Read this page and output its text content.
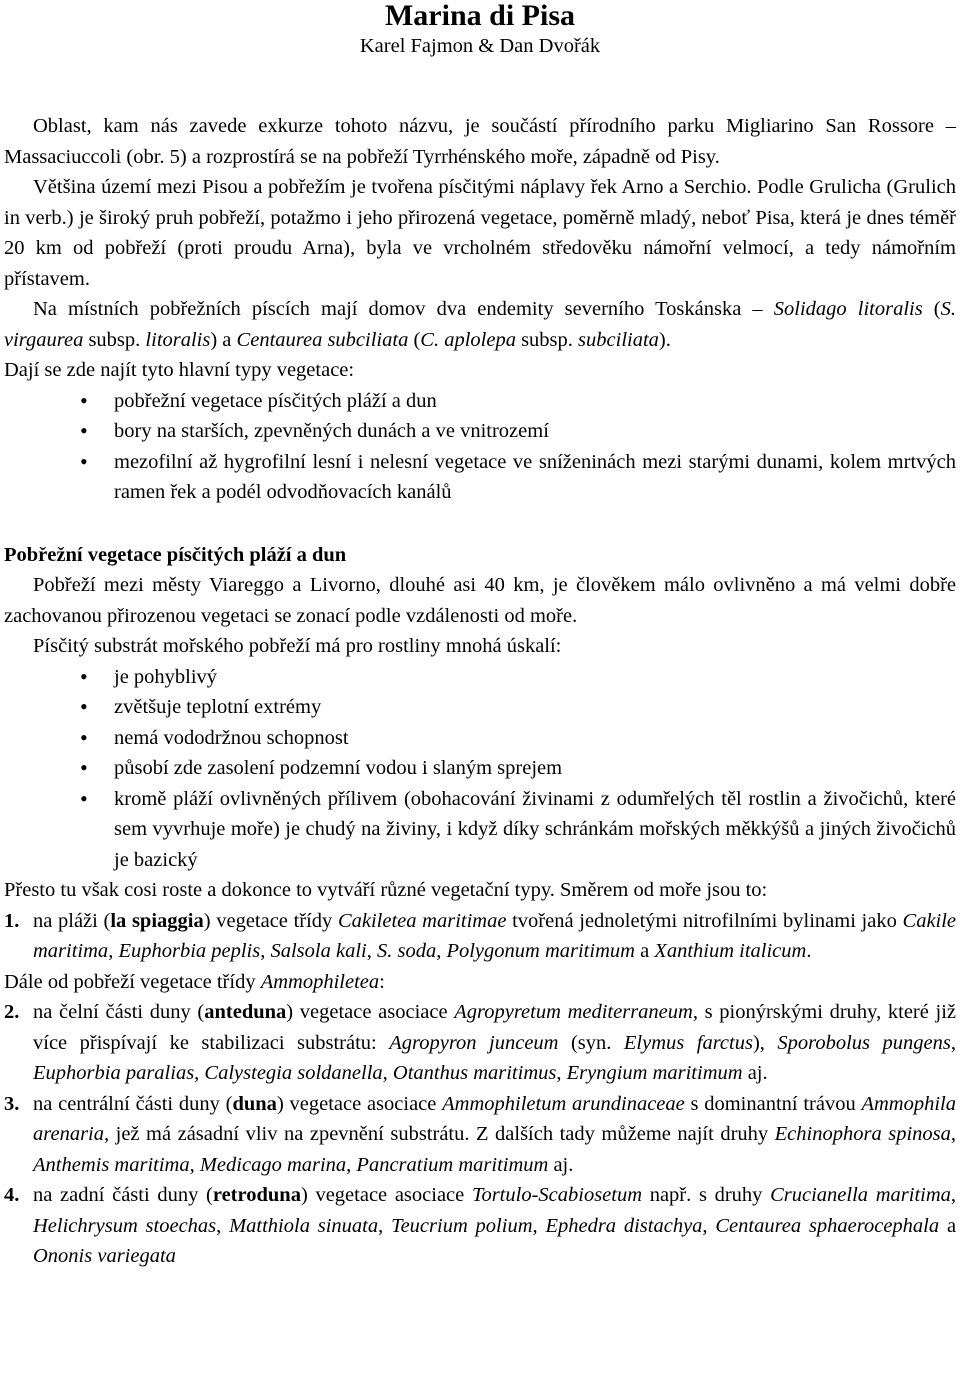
Marina di Pisa
Karel Fajmon & Dan Dvořák

Oblast, kam nás zavede exkurze tohoto názvu, je součástí přírodního parku Migliarino San Rossore – Massaciuccoli (obr. 5) a rozprostírá se na pobřeží Tyrrhénského moře, západně od Pisy.

Většina území mezi Pisou a pobřežím je tvořena písčitými náplavy řek Arno a Serchio. Podle Grulicha (Grulich in verb.) je široký pruh pobřeží, potažmo i jeho přirozená vegetace, poměrně mladý, neboť Pisa, která je dnes téměř 20 km od pobřeží (proti proudu Arna), byla ve vrcholném středověku námořní velmocí, a tedy námořním přístavem.

Na místních pobřežních píscích mají domov dva endemity severního Toskánska – Solidago litoralis (S. virgaurea subsp. litoralis) a Centaurea subciliata (C. aplolepa subsp. subciliata).

Dají se zde najít tyto hlavní typy vegetace:

• pobřežní vegetace písčitých pláží a dun
• bory na starších, zpevněných dunách a ve vnitrozemí
• mezofilní až hygrofilní lesní i nelesní vegetace ve sníženinách mezi starými dunami, kolem mrtvých ramen řek a podél odvodňovacích kanálů

Pobřežní vegetace písčitých pláží a dun

Pobřeží mezi městy Viareggo a Livorno, dlouhé asi 40 km, je člověkem málo ovlivněno a má velmi dobře zachovanou přirozenou vegetaci se zonací podle vzdálenosti od moře.

Písčitý substrát mořského pobřeží má pro rostliny mnohá úskalí:

• je pohyblivý
• zvětšuje teplotní extrémy
• nemá vododržnou schopnost
• působí zde zasolení podzemní vodou i slaným sprejem
• kromě pláží ovlivněných přílivem (obohacování živinami z odumřelých těl rostlin a živočichů, které sem vyvrhuje moře) je chudý na živiny, i když díky schránkám mořských měkkýšů a jiných živočichů je bazický

Přesto tu však cosi roste a dokonce to vytváří různé vegetační typy. Směrem od moře jsou to:

1. na pláži (la spiaggia) vegetace třídy Cakiletea maritimae tvořená jednoletými nitrofilními bylinami jako Cakile maritima, Euphorbia peplis, Salsola kali, S. soda, Polygonum maritimum a Xanthium italicum.

Dále od pobřeží vegetace třídy Ammophiletea:

2. na čelní části duny (anteduna) vegetace asociace Agropyretum mediterraneum, s pionýrskými druhy, které již více přispívají ke stabilizaci substrátu: Agropyron junceum (syn. Elymus farctus), Sporobolus pungens, Euphorbia paralias, Calystegia soldanella, Otanthus maritimus, Eryngium maritimum aj.

3. na centrální části duny (duna) vegetace asociace Ammophiletum arundinaceae s dominantní trávou Ammophila arenaria, jež má zásadní vliv na zpevnění substrátu. Z dalších tady můžeme najít druhy Echinophora spinosa, Anthemis maritima, Medicago marina, Pancratium maritimum aj.

4. na zadní části duny (retroduna) vegetace asociace Tortulo-Scabiosetum např. s druhy Crucianella maritima, Helichrysum stoechas, Matthiola sinuata, Teucrium polium, Ephedra distachya, Centaurea sphaerocephala a Ononis variegata
